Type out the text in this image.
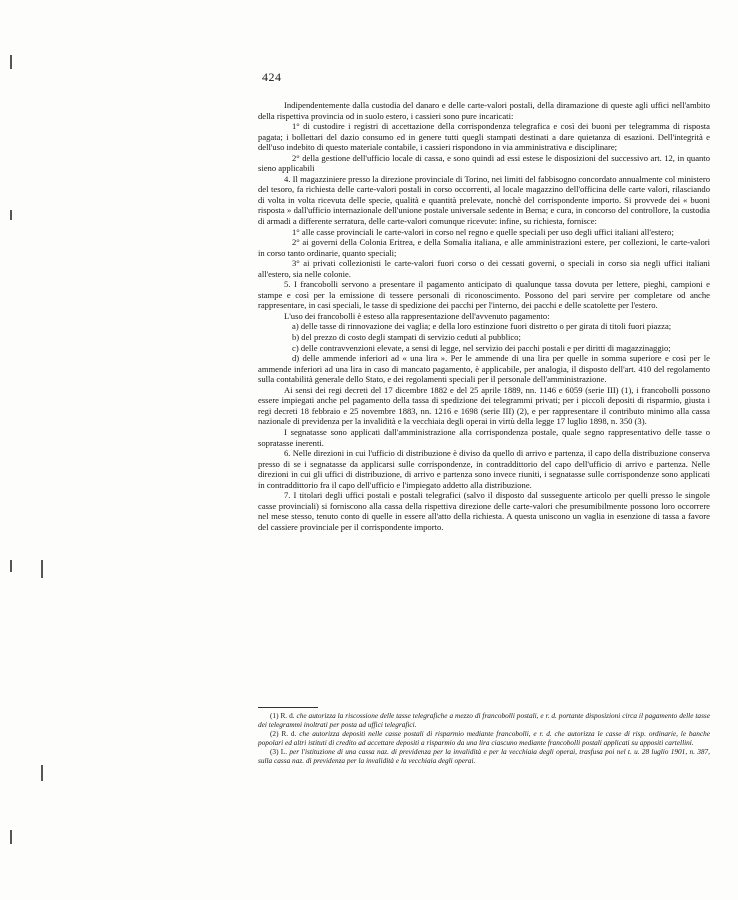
424

Indipendentemente dalla custodia del danaro e delle carte-valori postali, della diramazione di queste agli uffici nell'ambito della rispettiva provincia od in suolo estero, i cassieri sono pure incaricati:

1° di custodire i registri di accettazione della corrispondenza telegrafica e così dei buoni per telegramma di risposta pagata; i bollettari del dazio consumo ed in genere tutti quegli stampati destinati a dare quietanza di esazioni. Dell'integrità e dell'uso indebito di questo materiale contabile, i cassieri rispondono in via amministrativa e disciplinare;

2° della gestione dell'ufficio locale di cassa, e sono quindi ad essi estese le disposizioni del successivo art. 12, in quanto sieno applicabili

4. Il magazziniere presso la direzione provinciale di Torino, nei limiti del fabbisogno concordato annualmente col ministero del tesoro, fa richiesta delle carte-valori postali in corso occorrenti, al locale magazzino dell'officina delle carte valori, rilasciando di volta in volta ricevuta delle specie, qualità e quantità prelevate, nonchè del corrispondente importo. Si provvede dei « buoni risposta » dall'ufficio internazionale dell'unione postale universale sedente in Berna; e cura, in concorso del controllore, la custodia di armadi a differente serratura, delle carte-valori comunque ricevute: infine, su richiesta, fornisce:

1° alle casse provinciali le carte-valori in corso nel regno e quelle speciali per uso degli uffici italiani all'estero;

2° ai governi della Colonia Eritrea, e della Somalia italiana, e alle amministrazioni estere, per collezioni, le carte-valori in corso tanto ordinarie, quanto speciali;

3° ai privati collezionisti le carte-valori fuori corso o dei cessati governi, o speciali in corso sia negli uffici italiani all'estero, sia nelle colonie.

5. I francobolli servono a presentare il pagamento anticipato di qualunque tassa dovuta per lettere, pieghi, campioni e stampe e così per la emissione di tessere personali di riconoscimento. Possono del pari servire per completare od anche rappresentare, in casi speciali, le tasse di spedizione dei pacchi per l'interno, dei pacchi e delle scatolette per l'estero.

L'uso dei francobolli è esteso alla rappresentazione dell'avvenuto pagamento:

a) delle tasse di rinnovazione dei vaglia; e della loro estinzione fuori distretto o per girata di titoli fuori piazza;

b) del prezzo di costo degli stampati di servizio ceduti al pubblico;

c) delle contravvenzioni elevate, a sensi di legge, nel servizio dei pacchi postali e per diritti di magazzinaggio;

d) delle ammende inferiori ad « una lira ». Per le ammende di una lira per quelle in somma superiore e così per le ammende inferiori ad una lira in caso di mancato pagamento, è applicabile, per analogia, il disposto dell'art. 410 del regolamento sulla contabilità generale dello Stato, e dei regolamenti speciali per il personale dell'amministrazione.

Ai sensi dei regi decreti del 17 dicembre 1882 e del 25 aprile 1889, nn. 1146 e 6059 (serie III) (1), i francobolli possono essere impiegati anche pel pagamento della tassa di spedizione dei telegrammi privati; per i piccoli depositi di risparmio, giusta i regi decreti 18 febbraio e 25 novembre 1883, nn. 1216 e 1698 (serie III) (2), e per rappresentare il contributo minimo alla cassa nazionale di previdenza per la invalidità e la vecchiaia degli operai in virtù della legge 17 luglio 1898, n. 350 (3).

I segnatasse sono applicati dall'amministrazione alla corrispondenza postale, quale segno rappresentativo delle tasse o sopratasse inerenti.

6. Nelle direzioni in cui l'ufficio di distribuzione è diviso da quello di arrivo e partenza, il capo della distribuzione conserva presso di se i segnatasse da applicarsi sulle corrispondenze, in contraddittorio del capo dell'ufficio di arrivo e partenza. Nelle direzioni in cui gli uffici di distribuzione, di arrivo e partenza sono invece riuniti, i segnatasse sulle corrispondenze sono applicati in contraddittorio fra il capo dell'ufficio e l'impiegato addetto alla distribuzione.

7. I titolari degli uffici postali e postali telegrafici (salvo il disposto dal susseguente articolo per quelli presso le singole casse provinciali) si forniscono alla cassa della rispettiva direzione delle carte-valori che presumibilmente possono loro occorrere nel mese stesso, tenuto conto di quelle in essere all'atto della richiesta. A questa uniscono un vaglia in esenzione di tassa a favore del cassiere provinciale per il corrispondente importo.

(1) R. d. che autorizza la riscossione delle tasse telegrafiche a mezzo di francobolli postali, e r. d. portante disposizioni circa il pagamento delle tasse dei telegrammi inoltrati per posta ad uffici telegrafici.

(2) R. d. che autorizza depositi nelle casse postali di risparmio mediante francobolli, e r. d. che autorizza le casse di risp. ordinarie, le banche popolari ed altri istituti di credito ad accettare depositi a risparmio da una lira ciascuno mediante francobolli postali applicati su appositi cartellini.

(3) L. per l'istituzione di una cassa naz. di previdenza per la invalidità e per la vecchiaia degli operai, trasfusa poi nel t. u. 28 luglio 1901, n. 387, sulla cassa naz. di previdenza per la invalidità e la vecchiaia degli operai.
